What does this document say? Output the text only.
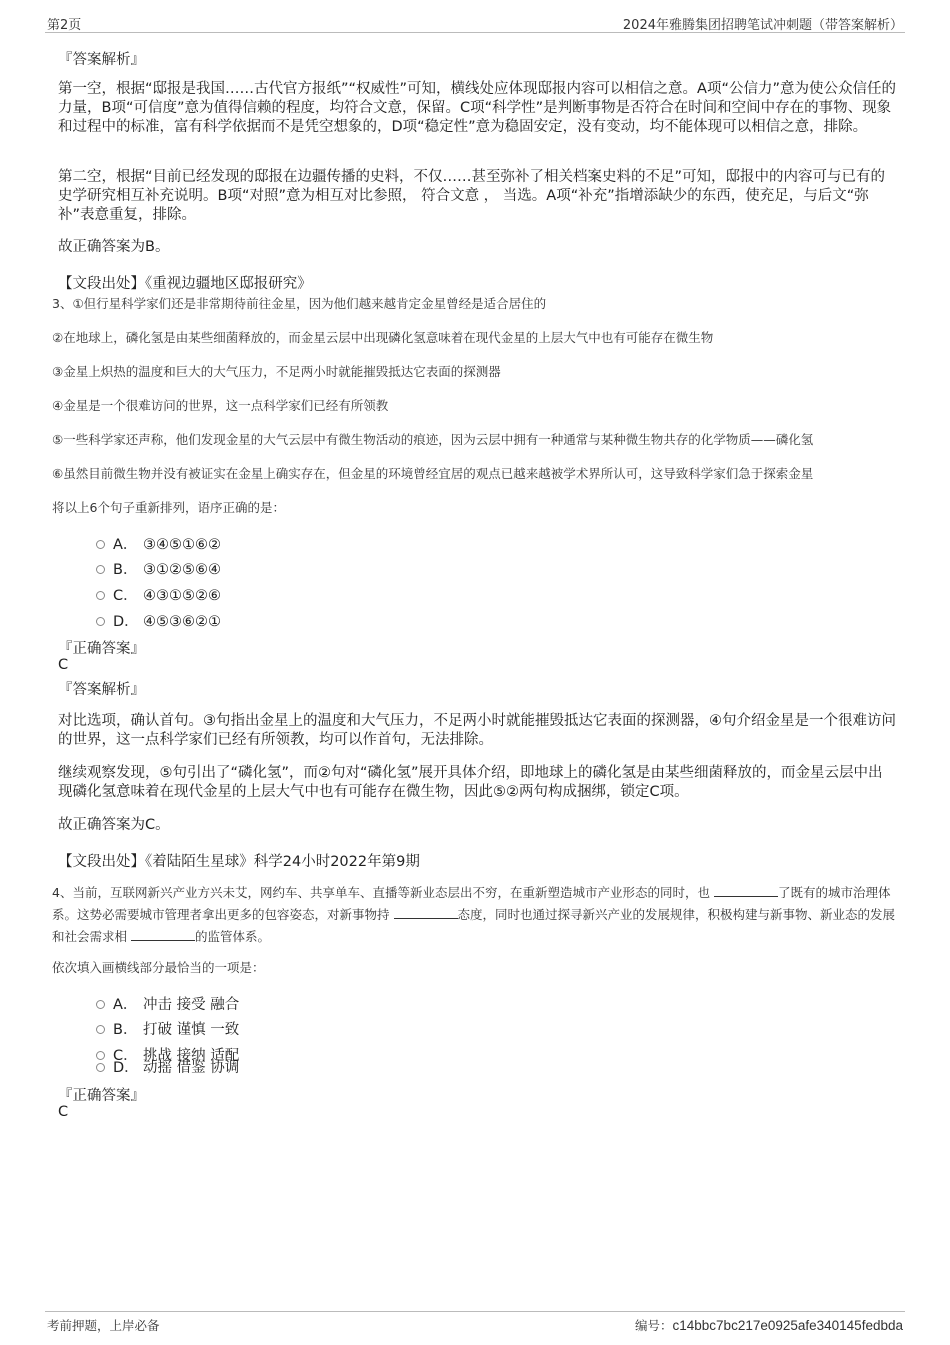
第2页	2024年雅腾集团招聘笔试冲刺题（带答案解析）
『答案解析』
第一空，根据“邸报是我国……古代官方报纸”“权威性”可知，横线处应体现邸报内容可以相信之意。A项“公信力”意为使公众信任的力量，B项“可信度”意为值得信赖的程度，均符合文意，保留。C项“科学性”是判断事物是否符合在时间和空间中存在的事物、现象和过程中的标准，富有科学依据而不是凭空想象的，D项“稳定性”意为稳固安定，没有变动，均不能体现可以相信之意，排除。
第二空，根据“目前已经发现的邸报在边疆传播的史料，不仅……甚至弥补了相关档案史料的不足”可知，邸报中的内容可与已有的史学研究相互补充说明。B项“对照”意为相互对比参照， 符合文意 ， 当选。A项“补充”指增添缺少的东西，使充足，与后文“弥补”表意重复，排除。
故正确答案为B。
【文段出处】《重视边疆地区邸报研究》
3、①但行星科学家们还是非常期待前往金星，因为他们越来越肯定金星曾经是适合居住的
②在地球上，磷化氢是由某些细菌释放的，而金星云层中出现磷化氢意味着在现代金星的上层大气中也有可能存在微生物
③金星上炽热的温度和巨大的大气压力，不足两小时就能摧毁抵达它表面的探测器
④金星是一个很难访问的世界，这一点科学家们已经有所领教
⑤一些科学家还声称，他们发现金星的大气云层中有微生物活动的痕迹，因为云层中拥有一种通常与某种微生物共存的化学物质——磷化氢
⑥虽然目前微生物并没有被证实在金星上确实存在，但金星的环境曾经宜居的观点已越来越被学术界所认可，这导致科学家们急于探索金星
将以上6个句子重新排列，语序正确的是：
A． ③④⑤①⑥②
B． ③①②⑤⑥④
C． ④③①⑤②⑥
D． ④⑤③⑥②①
『正确答案』
C
『答案解析』
对比选项，确认首句。③句指出金星上的温度和大气压力，不足两小时就能摧毁抵达它表面的探测器，④句介绍金星是一个很难访问的世界，这一点科学家们已经有所领教，均可以作首句，无法排除。
继续观察发现，⑤句引出了“磷化氢”，而②句对“磷化氢”展开具体介绍，即地球上的磷化氢是由某些细菌释放的，而金星云层中出现磷化氢意味着在现代金星的上层大气中也有可能存在微生物，因此⑤②两句构成捆绑，锁定C项。
故正确答案为C。
【文段出处】《着陆陌生星球》科学24小时2022年第9期
4、当前，互联网新兴产业方兴未艾，网约车、共享单车、直播等新业态层出不穷，在重新塑造城市产业形态的同时，也	了既有的城市治理体系。这势必需要城市管理者拿出更多的包容姿态，对新事物持	态度，同时也通过探寻新兴产业的发展规律，积极构建与新事物、新业态的发展和社会需求相	的监管体系。
依次填入画横线部分最恰当的一项是：
A． 冲击 接受 融合
B． 打破 谨慎 一致
C． 挑战 接纳 适配
D． 动摇 借鉴 协调
『正确答案』
C
考前押题，上岸必备	编号：c14bbc7bc217e0925afe340145fedbda
